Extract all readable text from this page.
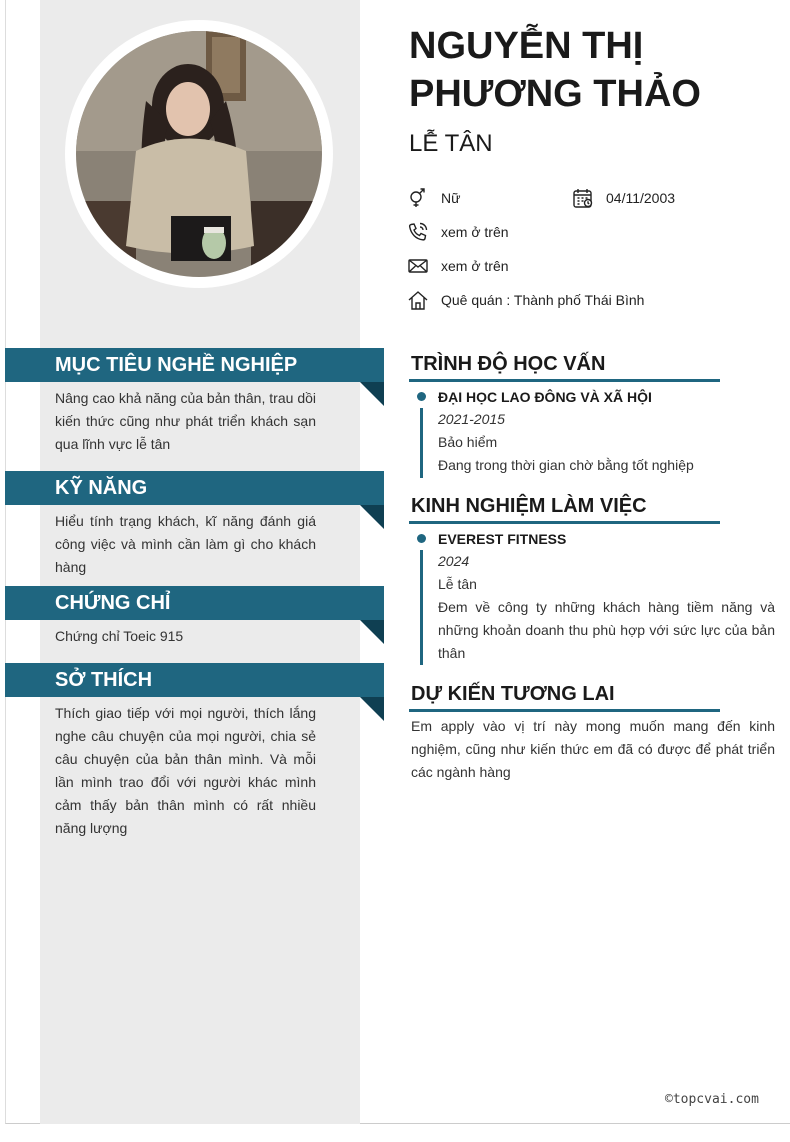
MỤC TIÊU NGHỀ NGHIỆP
Nâng cao khả năng của bản thân, trau dồi kiến thức cũng như phát triển khách sạn qua lĩnh vực lễ tân
KỸ NĂNG
Hiểu tính trạng khách, kĩ năng đánh giá công việc và mình cần làm gì cho khách hàng
CHỨNG CHỈ
Chứng chỉ Toeic 915
SỞ THÍCH
Thích giao tiếp với mọi người, thích lắng nghe câu chuyện của mọi người, chia sẻ câu chuyện của bản thân mình. Và mỗi lần mình trao đổi với người khác mình cảm thấy bản thân mình có rất nhiều năng lượng
NGUYỄN THỊ PHƯƠNG THẢO
LỄ TÂN
Nữ	04/11/2003
xem ở trên
xem ở trên
Quê quán : Thành phố Thái Bình
TRÌNH ĐỘ HỌC VẤN
ĐẠI HỌC LAO ĐÔNG VÀ XÃ HỘI
2021-2015
Bảo hiểm
Đang trong thời gian chờ bằng tốt nghiệp
KINH NGHIỆM LÀM VIỆC
EVEREST FITNESS
2024
Lễ tân
Đem về công ty những khách hàng tiềm năng và những khoản doanh thu phù hợp với sức lực của bản thân
DỰ KIẾN TƯƠNG LAI
Em apply vào vị trí này mong muốn mang đến kinh nghiệm, cũng như kiến thức em đã có được để phát triển các ngành hàng
©topcvai.com
